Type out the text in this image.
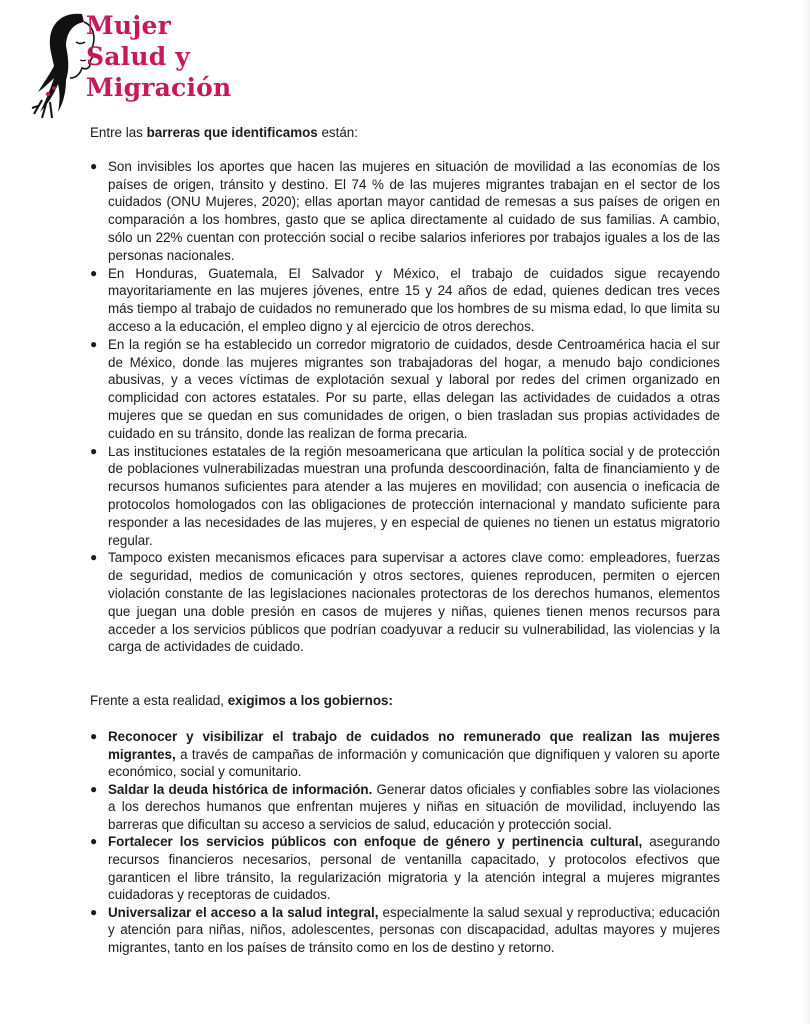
Mujer
Salud y
Migración

Entre las barreras que identificamos están:

● Son invisibles los aportes que hacen las mujeres en situación de movilidad a las economías de los países de origen, tránsito y destino. El 74 % de las mujeres migrantes trabajan en el sector de los cuidados (ONU Mujeres, 2020); ellas aportan mayor cantidad de remesas a sus países de origen en comparación a los hombres, gasto que se aplica directamente al cuidado de sus familias. A cambio, sólo un 22% cuentan con protección social o recibe salarios inferiores por trabajos iguales a los de las personas nacionales.
● En Honduras, Guatemala, El Salvador y México, el trabajo de cuidados sigue recayendo mayoritariamente en las mujeres jóvenes, entre 15 y 24 años de edad, quienes dedican tres veces más tiempo al trabajo de cuidados no remunerado que los hombres de su misma edad, lo que limita su acceso a la educación, el empleo digno y al ejercicio de otros derechos.
● En la región se ha establecido un corredor migratorio de cuidados, desde Centroamérica hacia el sur de México, donde las mujeres migrantes son trabajadoras del hogar, a menudo bajo condiciones abusivas, y a veces víctimas de explotación sexual y laboral por redes del crimen organizado en complicidad con actores estatales. Por su parte, ellas delegan las actividades de cuidados a otras mujeres que se quedan en sus comunidades de origen, o bien trasladan sus propias actividades de cuidado en su tránsito, donde las realizan de forma precaria.
● Las instituciones estatales de la región mesoamericana que articulan la política social y de protección de poblaciones vulnerabilizadas muestran una profunda descoordinación, falta de financiamiento y de recursos humanos suficientes para atender a las mujeres en movilidad; con ausencia o ineficacia de protocolos homologados con las obligaciones de protección internacional y mandato suficiente para responder a las necesidades de las mujeres, y en especial de quienes no tienen un estatus migratorio regular.
● Tampoco existen mecanismos eficaces para supervisar a actores clave como: empleadores, fuerzas de seguridad, medios de comunicación y otros sectores, quienes reproducen, permiten o ejercen violación constante de las legislaciones nacionales protectoras de los derechos humanos, elementos que juegan una doble presión en casos de mujeres y niñas, quienes tienen menos recursos para acceder a los servicios públicos que podrían coadyuvar a reducir su vulnerabilidad, las violencias y la carga de actividades de cuidado.

Frente a esta realidad, exigimos a los gobiernos:

● Reconocer y visibilizar el trabajo de cuidados no remunerado que realizan las mujeres migrantes, a través de campañas de información y comunicación que dignifiquen y valoren su aporte económico, social y comunitario.
● Saldar la deuda histórica de información. Generar datos oficiales y confiables sobre las violaciones a los derechos humanos que enfrentan mujeres y niñas en situación de movilidad, incluyendo las barreras que dificultan su acceso a servicios de salud, educación y protección social.
● Fortalecer los servicios públicos con enfoque de género y pertinencia cultural, asegurando recursos financieros necesarios, personal de ventanilla capacitado, y protocolos efectivos que garanticen el libre tránsito, la regularización migratoria y la atención integral a mujeres migrantes cuidadoras y receptoras de cuidados.
● Universalizar el acceso a la salud integral, especialmente la salud sexual y reproductiva; educación y atención para niñas, niños, adolescentes, personas con discapacidad, adultas mayores y mujeres migrantes, tanto en los países de tránsito como en los de destino y retorno.
